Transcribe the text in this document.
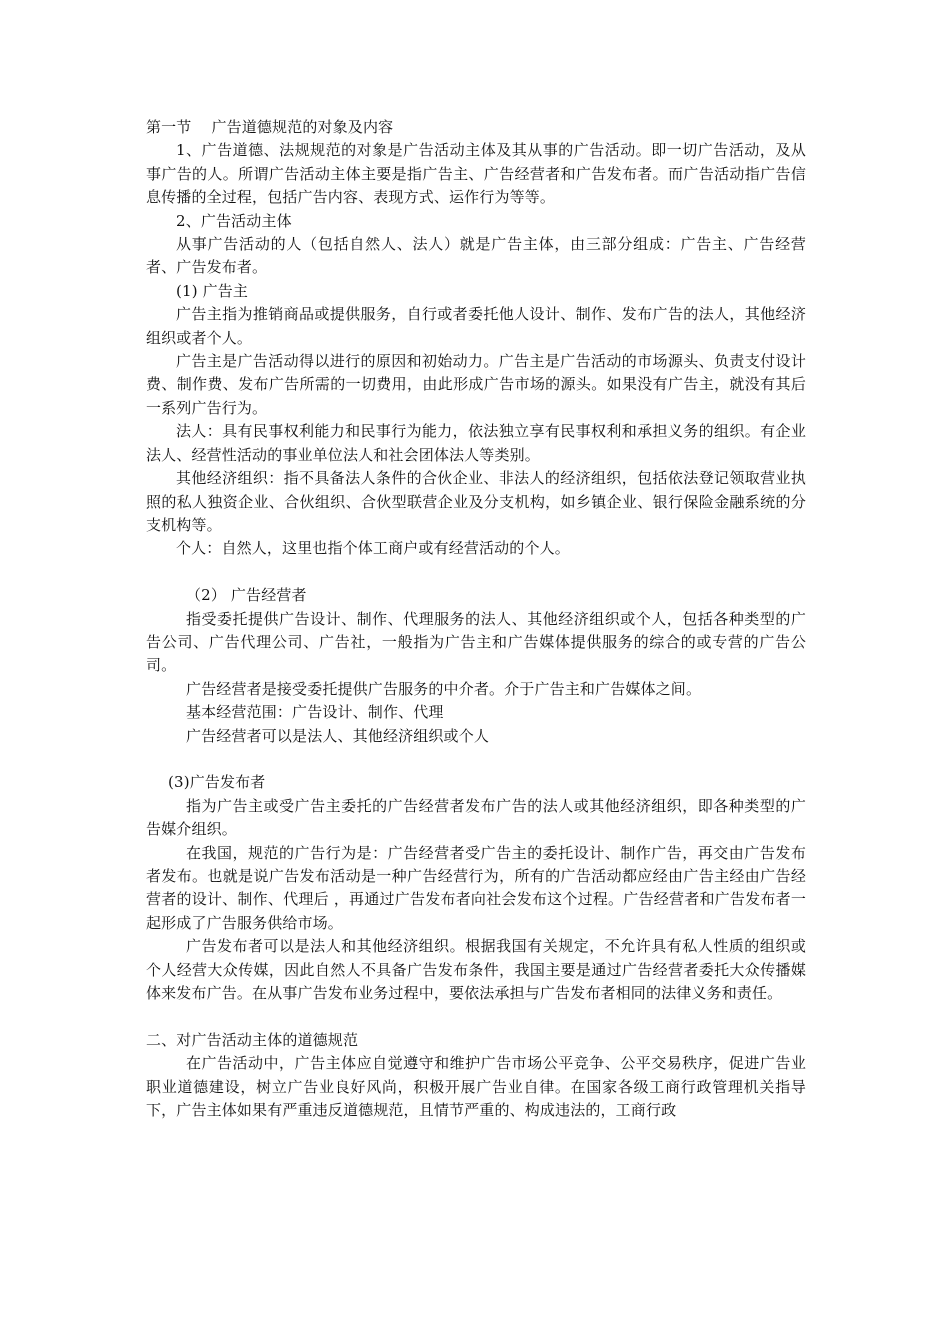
第一节 广告道德规范的对象及内容

1、广告道德、法规规范的对象是广告活动主体及其从事的广告活动。即一切广告活动，及从事广告的人。所谓广告活动主体主要是指广告主、广告经营者和广告发布者。而广告活动指广告信息传播的全过程，包括广告内容、表现方式、运作行为等等。

2、广告活动主体

从事广告活动的人（包括自然人、法人）就是广告主体，由三部分组成：广告主、广告经营者、广告发布者。

(1) 广告主

广告主指为推销商品或提供服务，自行或者委托他人设计、制作、发布广告的法人，其他经济组织或者个人。

广告主是广告活动得以进行的原因和初始动力。广告主是广告活动的市场源头、负责支付设计费、制作费、发布广告所需的一切费用，由此形成广告市场的源头。如果没有广告主，就没有其后一系列广告行为。

法人：具有民事权利能力和民事行为能力，依法独立享有民事权利和承担义务的组织。有企业法人、经营性活动的事业单位法人和社会团体法人等类别。

其他经济组织：指不具备法人条件的合伙企业、非法人的经济组织，包括依法登记领取营业执照的私人独资企业、合伙组织、合伙型联营企业及分支机构，如乡镇企业、银行保险金融系统的分支机构等。

个人：自然人，这里也指个体工商户或有经营活动的个人。

（2） 广告经营者

指受委托提供广告设计、制作、代理服务的法人、其他经济组织或个人，包括各种类型的广告公司、广告代理公司、广告社，一般指为广告主和广告媒体提供服务的综合的或专营的广告公司。

广告经营者是接受委托提供广告服务的中介者。介于广告主和广告媒体之间。

基本经营范围：广告设计、制作、代理

广告经营者可以是法人、其他经济组织或个人

(3)广告发布者

指为广告主或受广告主委托的广告经营者发布广告的法人或其他经济组织，即各种类型的广告媒介组织。

在我国，规范的广告行为是：广告经营者受广告主的委托设计、制作广告，再交由广告发布者发布。也就是说广告发布活动是一种广告经营行为，所有的广告活动都应经由广告主经由广告经营者的设计、制作、代理后 ，再通过广告发布者向社会发布这个过程。广告经营者和广告发布者一起形成了广告服务供给市场。

广告发布者可以是法人和其他经济组织。根据我国有关规定，不允许具有私人性质的组织或个人经营大众传媒，因此自然人不具备广告发布条件，我国主要是通过广告经营者委托大众传播媒体来发布广告。在从事广告发布业务过程中，要依法承担与广告发布者相同的法律义务和责任。

二、对广告活动主体的道德规范

在广告活动中，广告主体应自觉遵守和维护广告市场公平竞争、公平交易秩序，促进广告业职业道德建设，树立广告业良好风尚，积极开展广告业自律。在国家各级工商行政管理机关指导下，广告主体如果有严重违反道德规范，且情节严重的、构成违法的，工商行政
